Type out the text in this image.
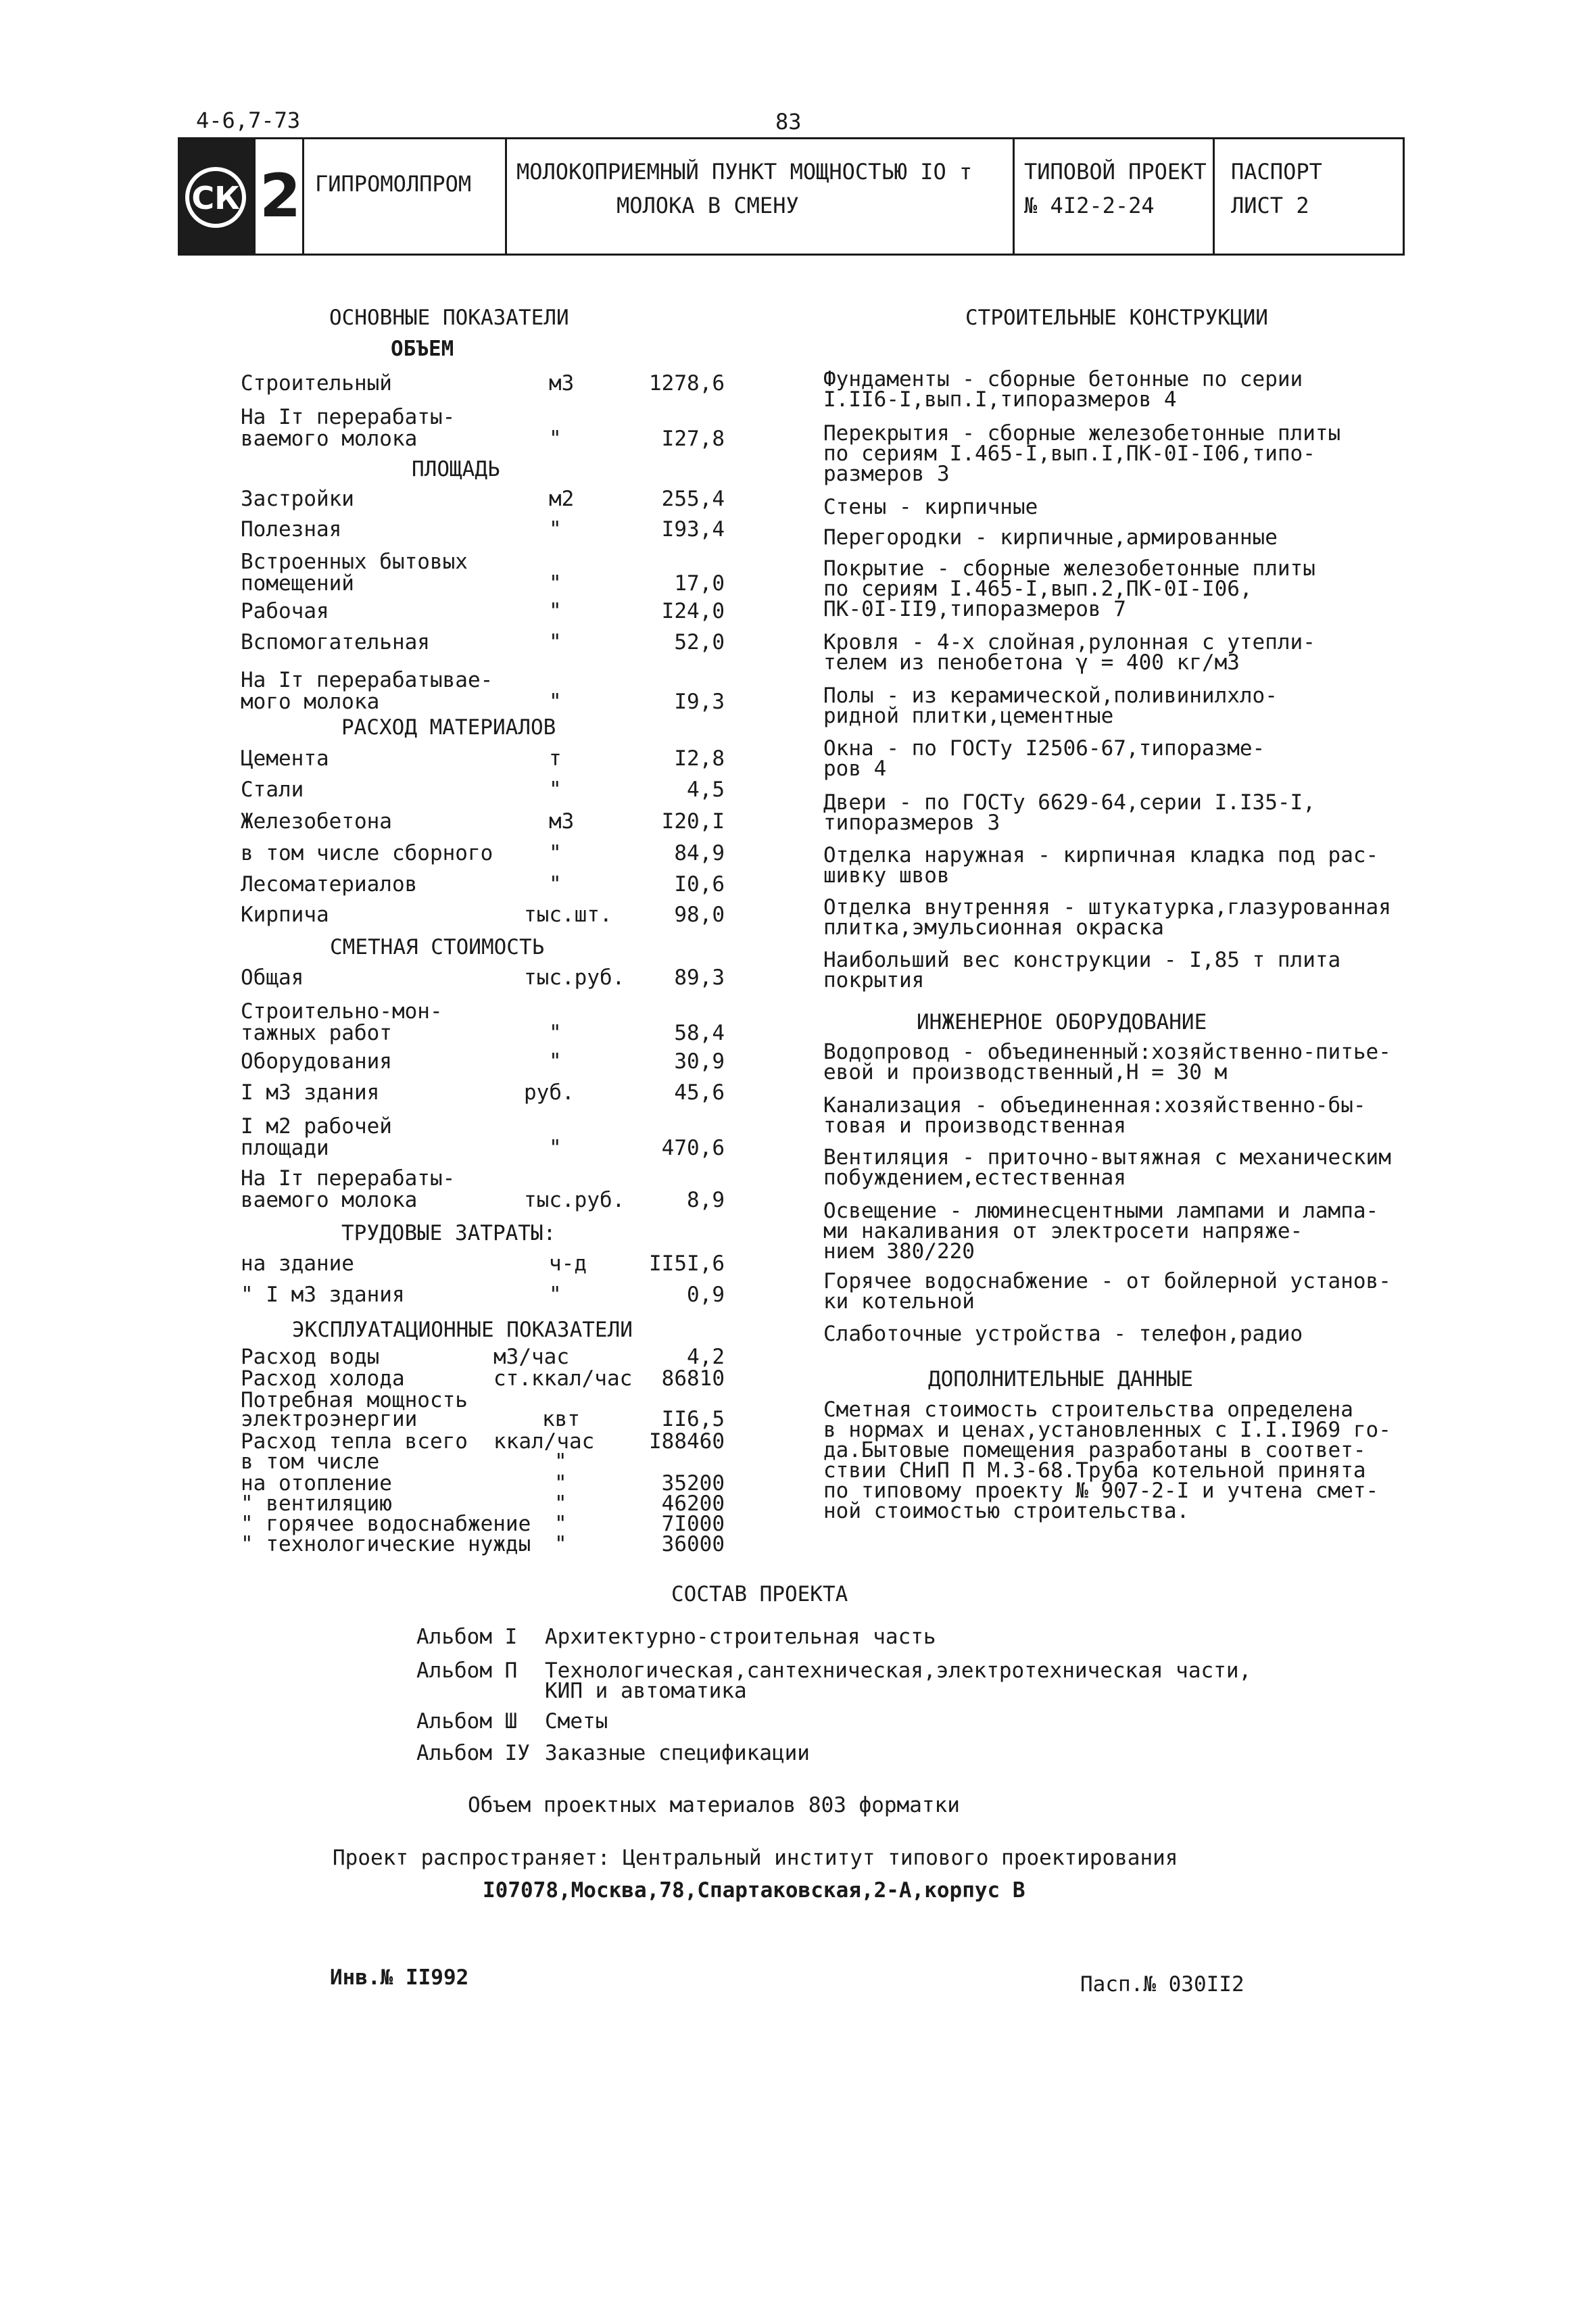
4-6,7-73	83
СК 2 ГИПРОМОЛПРОМ МОЛОКОПРИЕМНЫЙ ПУНКТ МОЩНОСТЬЮ IO т
МОЛОКА В СМЕНУ
ТИПОВОЙ ПРОЕКТ
№ 4I2-2-24
ПАСПОРТ
ЛИСТ 2
ОСНОВНЫЕ ПОКАЗАТЕЛИ
ОБЪЕМ
Строительный	м3	1278,6
На Iт перерабаты-
ваемого молока	"	I27,8
ПЛОЩАДЬ
Застройки	м2	255,4
Полезная	"	I93,4
Встроенных бытовых
помещений	"	17,0
Рабочая	"	I24,0
Вспомогательная	"	52,0
На Iт перерабатывае-
мого молока	"	I9,3
РАСХОД МАТЕРИАЛОВ
Цемента	т	I2,8
Стали	"	4,5
Железобетона	м3	I20,I
в том числе сборного	"	84,9
Лесоматериалов	"	I0,6
Кирпича	тыс.шт.	98,0
СМЕТНАЯ СТОИМОСТЬ
Общая	тыс.руб. 89,3
Строительно-мон-
тажных работ	"	58,4
Оборудования	"	30,9
I м3 здания	руб.	45,6
I м2 рабочей
площади	"	470,6
На Iт перерабаты-
ваемого молока	тыс.руб.	8,9
ТРУДОВЫЕ ЗАТРАТЫ:
на здание	ч-д	II5I,6
" I м3 здания	"	0,9
ЭКСПЛУАТАЦИОННЫЕ ПОКАЗАТЕЛИ
Расход воды	м3/час	4,2
Расход холода	ст.ккал/час 86810
Потребная мощность
электроэнергии	квт	II6,5
Расход тепла всего ккал/час	I88460
в том числе	"
на отопление	"	35200
" вентиляцию	"	46200
" горячее водоснабжение "	7I000
" технологические нужды "	36000
СТРОИТЕЛЬНЫЕ КОНСТРУКЦИИ
Фундаменты - сборные бетонные по серии
I.II6-I,вып.I,типоразмеров 4
Перекрытия - сборные железобетонные плиты
по сериям I.465-I,вып.I,ПК-0I-I06,типо-
размеров 3
Стены - кирпичные
Перегородки - кирпичные,армированные
Покрытие - сборные железобетонные плиты
по сериям I.465-I,вып.2,ПК-0I-I06,
ПК-0I-II9,типоразмеров 7
Кровля - 4-х слойная,рулонная с утепли-
телем из пенобетона γ = 400 кг/м3
Полы - из керамической,поливинилхло-
ридной плитки,цементные
Окна - по ГОСТу I2506-67,типоразме-
ров 4
Двери - по ГОСТу 6629-64,серии I.I35-I,
типоразмеров 3
Отделка наружная - кирпичная кладка под рас-
шивку швов
Отделка внутренняя - штукатурка,глазурованная
плитка,эмульсионная окраска
Наибольший вес конструкции - I,85 т плита
покрытия
ИНЖЕНЕРНОЕ ОБОРУДОВАНИЕ
Водопровод - объединенный:хозяйственно-питье-
евой и производственный,Н = 30 м
Канализация - объединенная:хозяйственно-бы-
товая и производственная
Вентиляция - приточно-вытяжная с механическим
побуждением,естественная
Освещение - люминесцентными лампами и лампа-
ми накаливания от электросети напряже-
нием 380/220
Горячее водоснабжение - от бойлерной установ-
ки котельной
Слаботочные устройства - телефон,радио
ДОПОЛНИТЕЛЬНЫЕ ДАННЫЕ
Сметная стоимость строительства определена
в нормах и ценах,установленных с I.I.I969 го-
да.Бытовые помещения разработаны в соответ-
ствии СНиП П М.3-68.Труба котельной принята
по типовому проекту № 907-2-I и учтена смет-
ной стоимостью строительства.
СОСТАВ ПРОЕКТА
Альбом I Архитектурно-строительная часть
Альбом П Технологическая,сантехническая,электротехническая части,
КИП и автоматика
Альбом Ш Сметы
Альбом IУ Заказные спецификации
Объем проектных материалов 803 форматки
Проект распространяет: Центральный институт типового проектирования
I07078,Москва,78,Спартаковская,2-А,корпус В
Инв.№ II992	Пасп.№ 030II2
